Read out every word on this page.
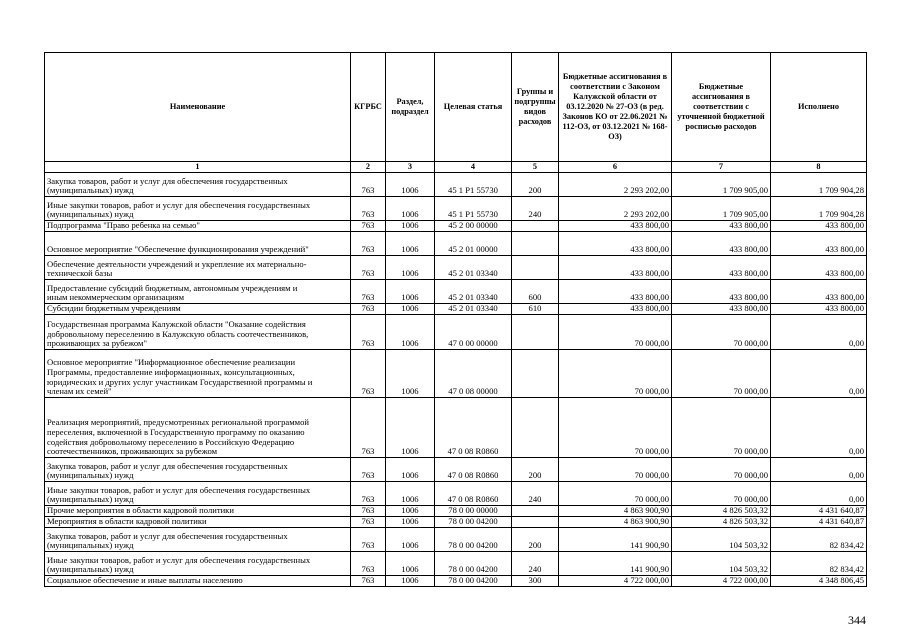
Наименование	КГРБС	Раздел, подраздел	Целевая статья	Группы и подгруппы видов расходов	Бюджетные ассигнования в соответствии с Законом Калужской области от 03.12.2020 № 27-ОЗ (в ред. Законов КО от 22.06.2021 № 112-ОЗ, от 03.12.2021 № 168-ОЗ)	Бюджетные ассигнования в соответствии с уточненной бюджетной росписью расходов	Исполнено
1	2	3	4	5	6	7	8
Закупка товаров, работ и услуг для обеспечения государственных
(муниципальных) нужд	763	1006	45 1 P1 55730	200	2 293 202,00	1 709 905,00	1 709 904,28
Иные закупки товаров, работ и услуг для обеспечения государственных
(муниципальных) нужд	763	1006	45 1 P1 55730	240	2 293 202,00	1 709 905,00	1 709 904,28
Подпрограмма "Право ребенка на семью"	763	1006	45 2 00 00000		433 800,00	433 800,00	433 800,00
Основное мероприятие "Обеспечение функционирования учреждений"	763	1006	45 2 01 00000		433 800,00	433 800,00	433 800,00
Обеспечение деятельности учреждений и укрепление их материально-
технической базы	763	1006	45 2 01 03340		433 800,00	433 800,00	433 800,00
Предоставление субсидий бюджетным, автономным учреждениям и
иным некоммерческим организациям	763	1006	45 2 01 03340	600	433 800,00	433 800,00	433 800,00
Субсидии бюджетным учреждениям	763	1006	45 2 01 03340	610	433 800,00	433 800,00	433 800,00
Государственная программа Калужской области "Оказание содействия
добровольному переселению в Калужскую область соотечественников,
проживающих за рубежом"	763	1006	47 0 00 00000		70 000,00	70 000,00	0,00
Основное мероприятие "Информационное обеспечение реализации
Программы, предоставление информационных, консультационных,
юридических и других услуг участникам Государственной программы и
членам их семей"	763	1006	47 0 08 00000		70 000,00	70 000,00	0,00
Реализация мероприятий, предусмотренных региональной программой
переселения, включенной в Государственную программу по оказанию
содействия добровольному переселению в Российскую Федерацию
соотечественников, проживающих за рубежом	763	1006	47 0 08 R0860		70 000,00	70 000,00	0,00
Закупка товаров, работ и услуг для обеспечения государственных
(муниципальных) нужд	763	1006	47 0 08 R0860	200	70 000,00	70 000,00	0,00
Иные закупки товаров, работ и услуг для обеспечения государственных
(муниципальных) нужд	763	1006	47 0 08 R0860	240	70 000,00	70 000,00	0,00
Прочие мероприятия в области кадровой политики	763	1006	78 0 00 00000		4 863 900,90	4 826 503,32	4 431 640,87
Мероприятия в области кадровой политики	763	1006	78 0 00 04200		4 863 900,90	4 826 503,32	4 431 640,87
Закупка товаров, работ и услуг для обеспечения государственных
(муниципальных) нужд	763	1006	78 0 00 04200	200	141 900,90	104 503,32	82 834,42
Иные закупки товаров, работ и услуг для обеспечения государственных
(муниципальных) нужд	763	1006	78 0 00 04200	240	141 900,90	104 503,32	82 834,42
Социальное обеспечение и иные выплаты населению	763	1006	78 0 00 04200	300	4 722 000,00	4 722 000,00	4 348 806,45
344
